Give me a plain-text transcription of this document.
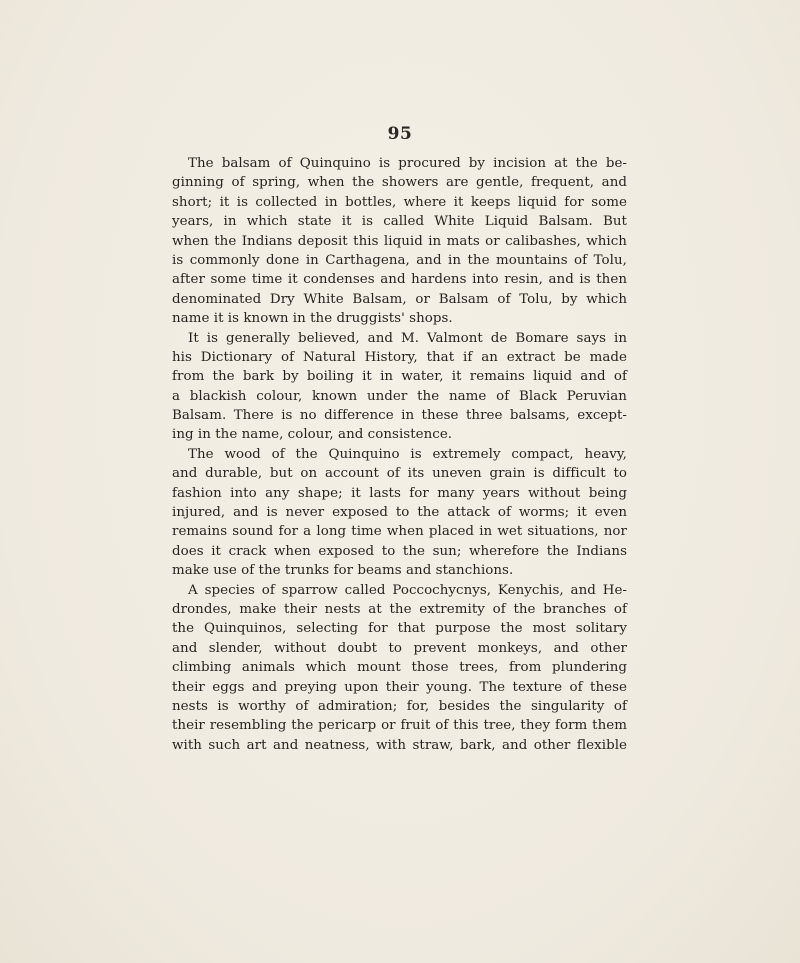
95
The balsam of Quinquino is procured by incision at the be-
ginning of spring, when the showers are gentle, frequent, and
short; it is collected in bottles, where it keeps liquid for some
years, in which state it is called White Liquid Balsam. But
when the Indians deposit this liquid in mats or calibashes, which
is commonly done in Carthagena, and in the mountains of Tolu,
after some time it condenses and hardens into resin, and is then
denominated Dry White Balsam, or Balsam of Tolu, by which
name it is known in the druggists' shops.
It is generally believed, and M. Valmont de Bomare says in
his Dictionary of Natural History, that if an extract be made
from the bark by boiling it in water, it remains liquid and of
a blackish colour, known under the name of Black Peruvian
Balsam. There is no difference in these three balsams, except-
ing in the name, colour, and consistence.
The wood of the Quinquino is extremely compact, heavy,
and durable, but on account of its uneven grain is difficult to
fashion into any shape; it lasts for many years without being
injured, and is never exposed to the attack of worms; it even
remains sound for a long time when placed in wet situations, nor
does it crack when exposed to the sun; wherefore the Indians
make use of the trunks for beams and stanchions.
A species of sparrow called Poccochycnys, Kenychis, and He-
drondes, make their nests at the extremity of the branches of
the Quinquinos, selecting for that purpose the most solitary
and slender, without doubt to prevent monkeys, and other
climbing animals which mount those trees, from plundering
their eggs and preying upon their young. The texture of these
nests is worthy of admiration; for, besides the singularity of
their resembling the pericarp or fruit of this tree, they form them
with such art and neatness, with straw, bark, and other flexible
